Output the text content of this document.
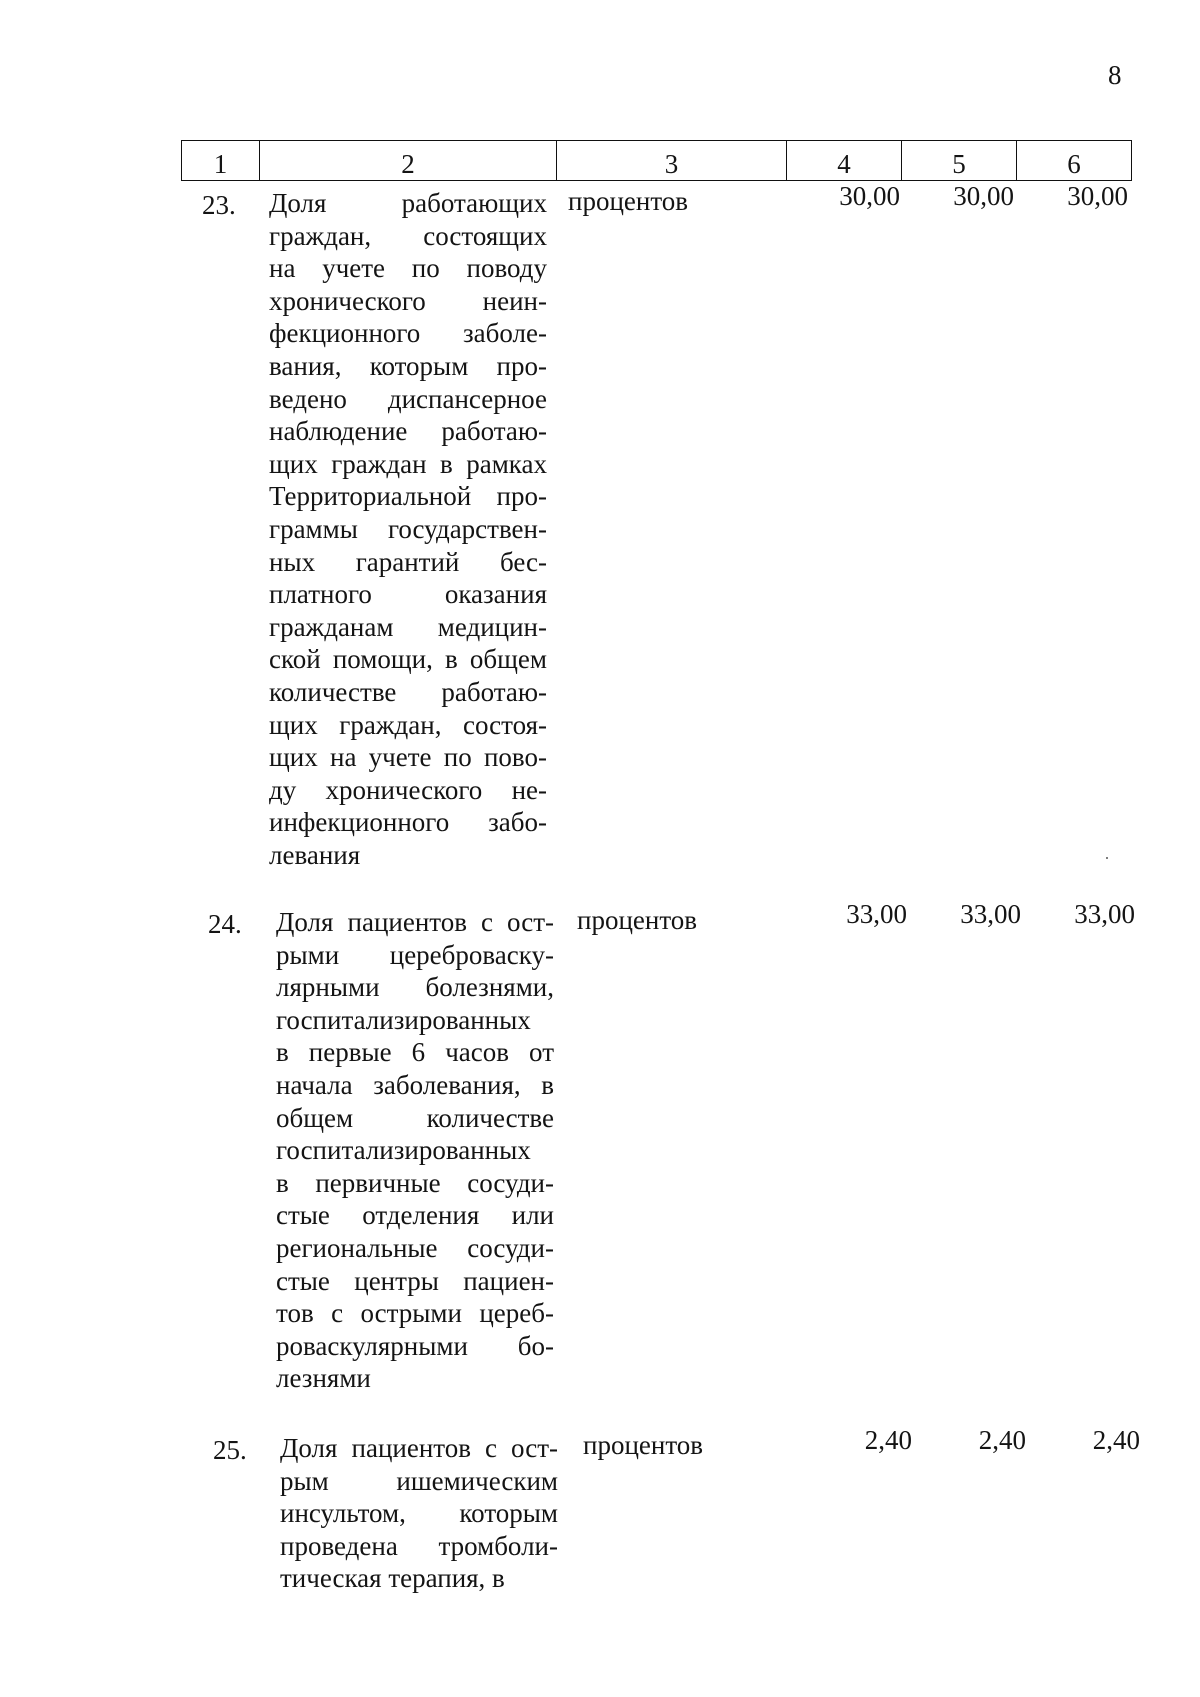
8
1	2	3	4	5	6
23. Доля работающих
граждан, состоящих
на учете по поводу
хронического неин-
фекционного заболе-
вания, которым про-
ведено диспансерное
наблюдение работаю-
щих граждан в рамках
Территориальной про-
граммы государствен-
ных гарантий бес-
платного оказания
гражданам медицин-
ской помощи, в общем
количестве работаю-
щих граждан, состоя-
щих на учете по пово-
ду хронического не-
инфекционного забо-
левания
процентов	30,00	30,00	30,00
24. Доля пациентов с ост-
рыми цереброваску-
лярными болезнями,
госпитализированных
в первые 6 часов от
начала заболевания, в
общем количестве
госпитализированных
в первичные сосуди-
стые отделения или
региональные сосуди-
стые центры пациен-
тов с острыми цереб-
роваскулярными бо-
лезнями
процентов	33,00	33,00	33,00
25. Доля пациентов с ост-
рым ишемическим
инсультом, которым
проведена тромболи-
тическая терапия, в
процентов	2,40	2,40	2,40
